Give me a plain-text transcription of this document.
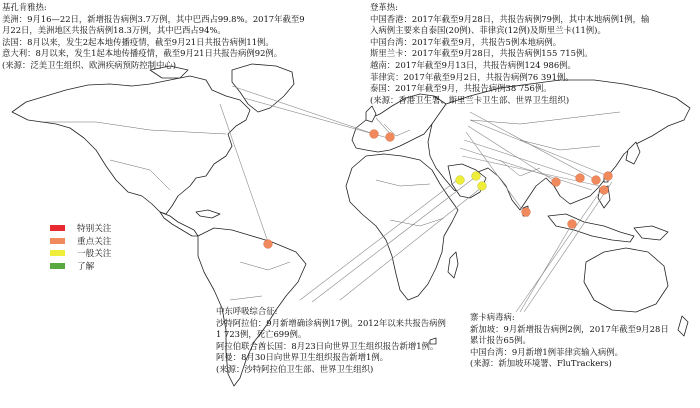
基孔肯雅热:
美洲：9月16—22日，新增报告病例3.7万例，其中巴西占99.8%。2017年截至9
月22日，美洲地区共报告病例18.3万例，其中巴西占94%。
法国：8月以来，发生2起本地传播疫情，截至9月21日共报告病例11例。
意大利：8月以来，发生1起本地传播疫情，截至9月21日共报告病例92例。
(来源：泛美卫生组织、欧洲疾病预防控制中心)
登革热:
中国香港：2017年截至9月28日，共报告病例79例，其中本地病例1例，输
入病例主要来自泰国(20例)、菲律宾(12例)及斯里兰卡(11例)。
中国台湾：2017年截至9月，共报告5例本地病例。
斯里兰卡：2017年截至9月28日，共报告病例155 715例。
越南：2017年截至9月13日，共报告病例124 986例。
菲律宾：2017年截至9月2日，共报告病例76 391例。
泰国：2017年截至9月，共报告病例38 756例。
(来源：香港卫生署、斯里兰卡卫生部、世界卫生组织)
特别关注
重点关注
一般关注
了解
中东呼吸综合征:
沙特阿拉伯：9月新增确诊病例17例。2012年以来共报告病例
1 723例，死亡699例。
阿拉伯联合酋长国：8月23日向世界卫生组织报告新增1例。
阿曼：8月30日向世界卫生组织报告新增1例。
(来源：沙特阿拉伯卫生部、世界卫生组织)
寨卡病毒病:
新加坡：9月新增报告病例2例，2017年截至9月28日
累计报告65例。
中国台湾：9月新增1例菲律宾输入病例。
(来源：新加坡环境署、FluTrackers)
